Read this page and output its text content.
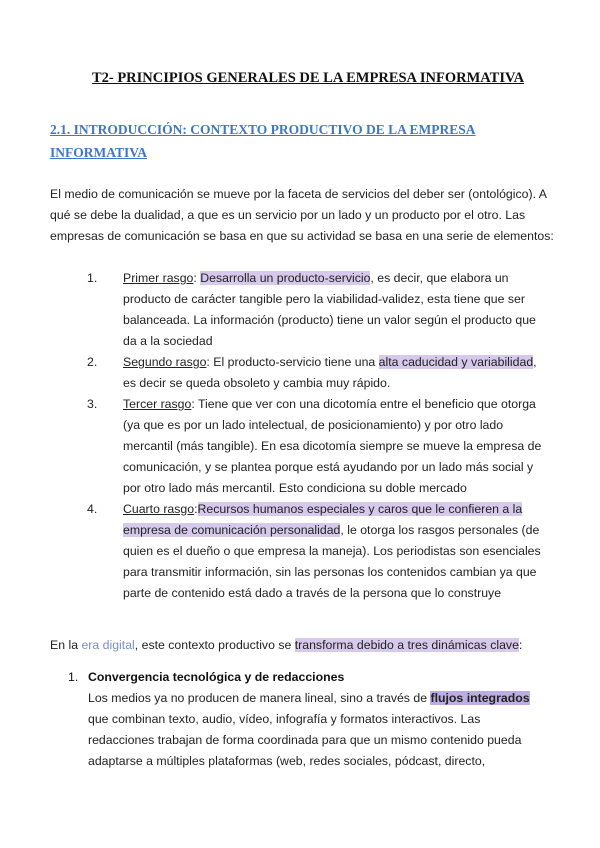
T2- PRINCIPIOS GENERALES DE LA EMPRESA INFORMATIVA
2.1. INTRODUCCIÓN: CONTEXTO PRODUCTIVO DE LA EMPRESA INFORMATIVA
El medio de comunicación se mueve por la faceta de servicios del deber ser (ontológico). A qué se debe la dualidad, a que es un servicio por un lado y un producto por el otro. Las empresas de comunicación se basa en que su actividad se basa en una serie de elementos:
1. Primer rasgo: Desarrolla un producto-servicio, es decir, que elabora un producto de carácter tangible pero la viabilidad-validez, esta tiene que ser balanceada. La información (producto) tiene un valor según el producto que da a la sociedad
2. Segundo rasgo: El producto-servicio tiene una alta caducidad y variabilidad, es decir se queda obsoleto y cambia muy rápido.
3. Tercer rasgo: Tiene que ver con una dicotomía entre el beneficio que otorga (ya que es por un lado intelectual, de posicionamiento) y por otro lado mercantil (más tangible). En esa dicotomía siempre se mueve la empresa de comunicación, y se plantea porque está ayudando por un lado más social y por otro lado más mercantil. Esto condiciona su doble mercado
4. Cuarto rasgo:Recursos humanos especiales y caros que le confieren a la empresa de comunicación personalidad, le otorga los rasgos personales (de quien es el dueño o que empresa la maneja). Los periodistas son esenciales para transmitir información, sin las personas los contenidos cambian ya que parte de contenido está dado a través de la persona que lo construye
En la era digital, este contexto productivo se transforma debido a tres dinámicas clave:
1. Convergencia tecnológica y de redacciones
Los medios ya no producen de manera lineal, sino a través de flujos integrados que combinan texto, audio, vídeo, infografía y formatos interactivos. Las redacciones trabajan de forma coordinada para que un mismo contenido pueda adaptarse a múltiples plataformas (web, redes sociales, pódcast, directo,
